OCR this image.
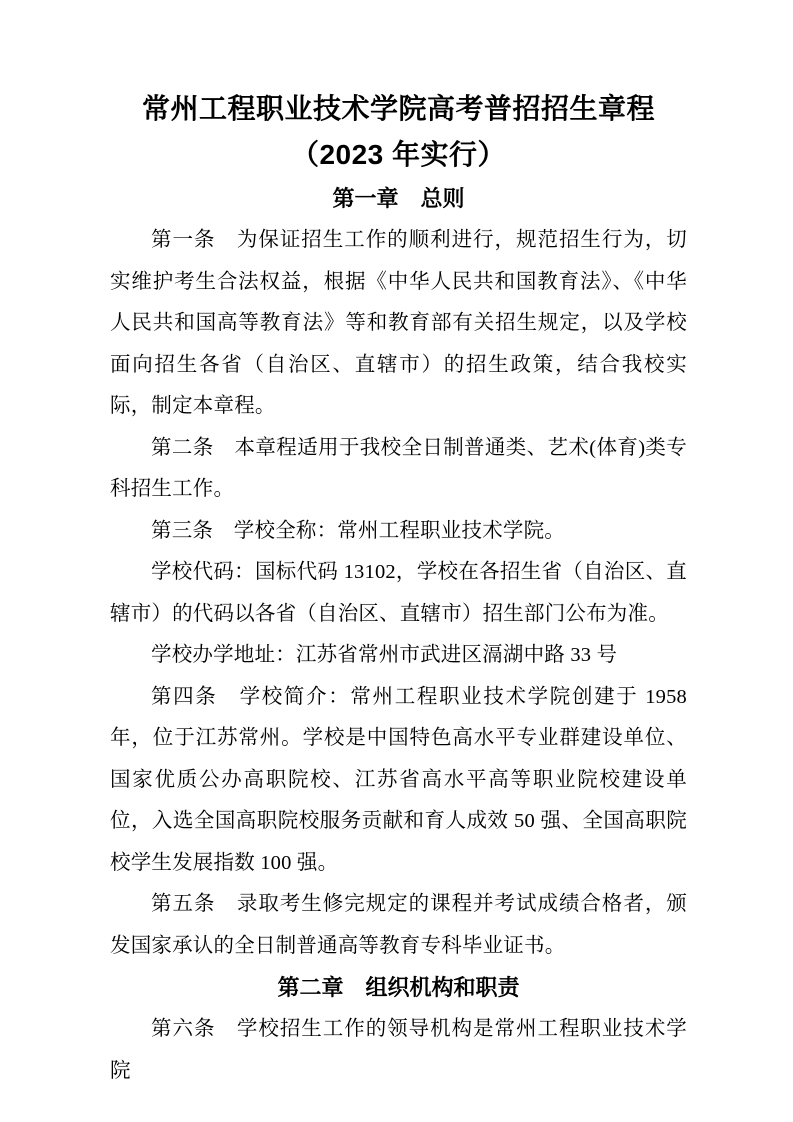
常州工程职业技术学院高考普招招生章程
（2023 年实行）
第一章　总则

第一条　为保证招生工作的顺利进行，规范招生行为，切实维护考生合法权益，根据《中华人民共和国教育法》、《中华人民共和国高等教育法》等和教育部有关招生规定，以及学校面向招生各省（自治区、直辖市）的招生政策，结合我校实际，制定本章程。

第二条　本章程适用于我校全日制普通类、艺术(体育)类专科招生工作。

第三条　学校全称：常州工程职业技术学院。

学校代码：国标代码 13102，学校在各招生省（自治区、直辖市）的代码以各省（自治区、直辖市）招生部门公布为准。

学校办学地址：江苏省常州市武进区滆湖中路 33 号

第四条　学校简介：常州工程职业技术学院创建于 1958 年，位于江苏常州。学校是中国特色高水平专业群建设单位、国家优质公办高职院校、江苏省高水平高等职业院校建设单位，入选全国高职院校服务贡献和育人成效 50 强、全国高职院校学生发展指数 100 强。

第五条　录取考生修完规定的课程并考试成绩合格者，颁发国家承认的全日制普通高等教育专科毕业证书。

第二章　组织机构和职责

第六条　学校招生工作的领导机构是常州工程职业技术学院
